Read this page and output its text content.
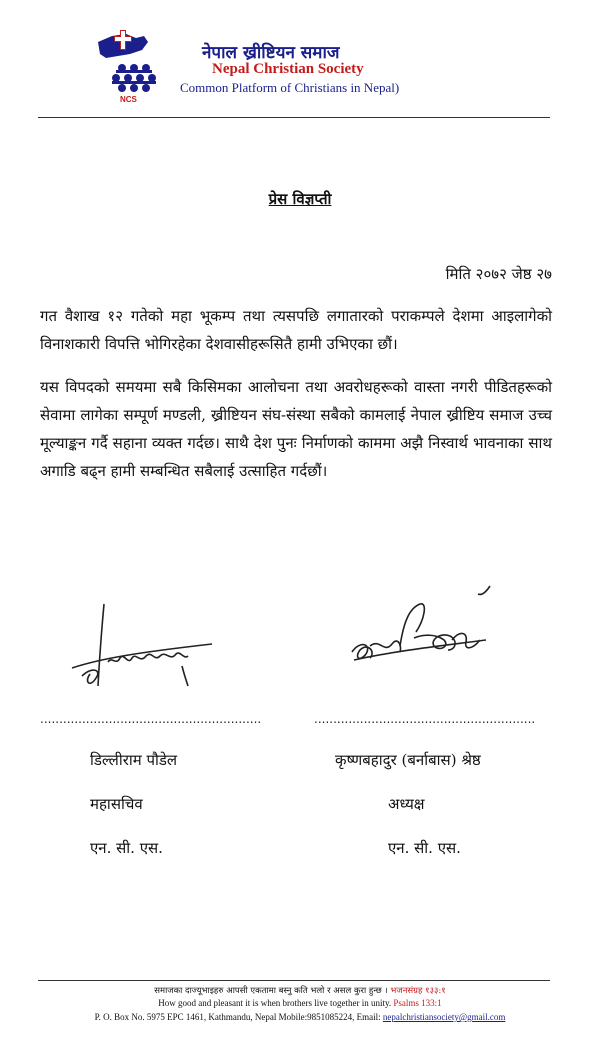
NCS
नेपाल ख्रीष्टियन समाज
Nepal Christian Society
Common Platform of Christians in Nepal)
प्रेस विज्ञप्ती
मिति २०७२ जेष्ठ २७
गत वैशाख १२ गतेको महा भूकम्प तथा त्यसपछि लगातारको पराकम्पले देशमा आइलागेको विनाशकारी विपत्ति भोगिरहेका देशवासीहरूसितै हामी उभिएका छौं।
यस विपदको समयमा सबै किसिमका आलोचना तथा अवरोधहरूको वास्ता नगरी पीडितहरूको सेवामा लागेका सम्पूर्ण मण्डली, ख्रीष्टियन संघ-संस्था सबैको कामलाई नेपाल ख्रीष्टिय समाज उच्च मूल्याङ्कन गर्दै सहाना व्यक्त गर्दछ। साथै देश पुनः निर्माणको काममा अझै निस्वार्थ भावनाका साथ अगाडि बढ्न हामी सम्बन्धित सबैलाई उत्साहित गर्दछौं।
..........................................................	..........................................................
डिल्लीराम पौडेल
महासचिव
एन. सी. एस.
कृष्णबहादुर (बर्नाबास) श्रेष्ठ
अध्यक्ष
एन. सी. एस.
समाजका दाज्यूभाइहरु आपसी एकतामा बस्नु कति भलो र असल कुरा हुन्छ । भजनसंग्रह १३३:१
How good and pleasant it is when brothers live together in unity. Psalms 133:1
P. O. Box No. 5975 EPC 1461, Kathmandu, Nepal Mobile:9851085224, Email: nepalchristiansociety@gmail.com
